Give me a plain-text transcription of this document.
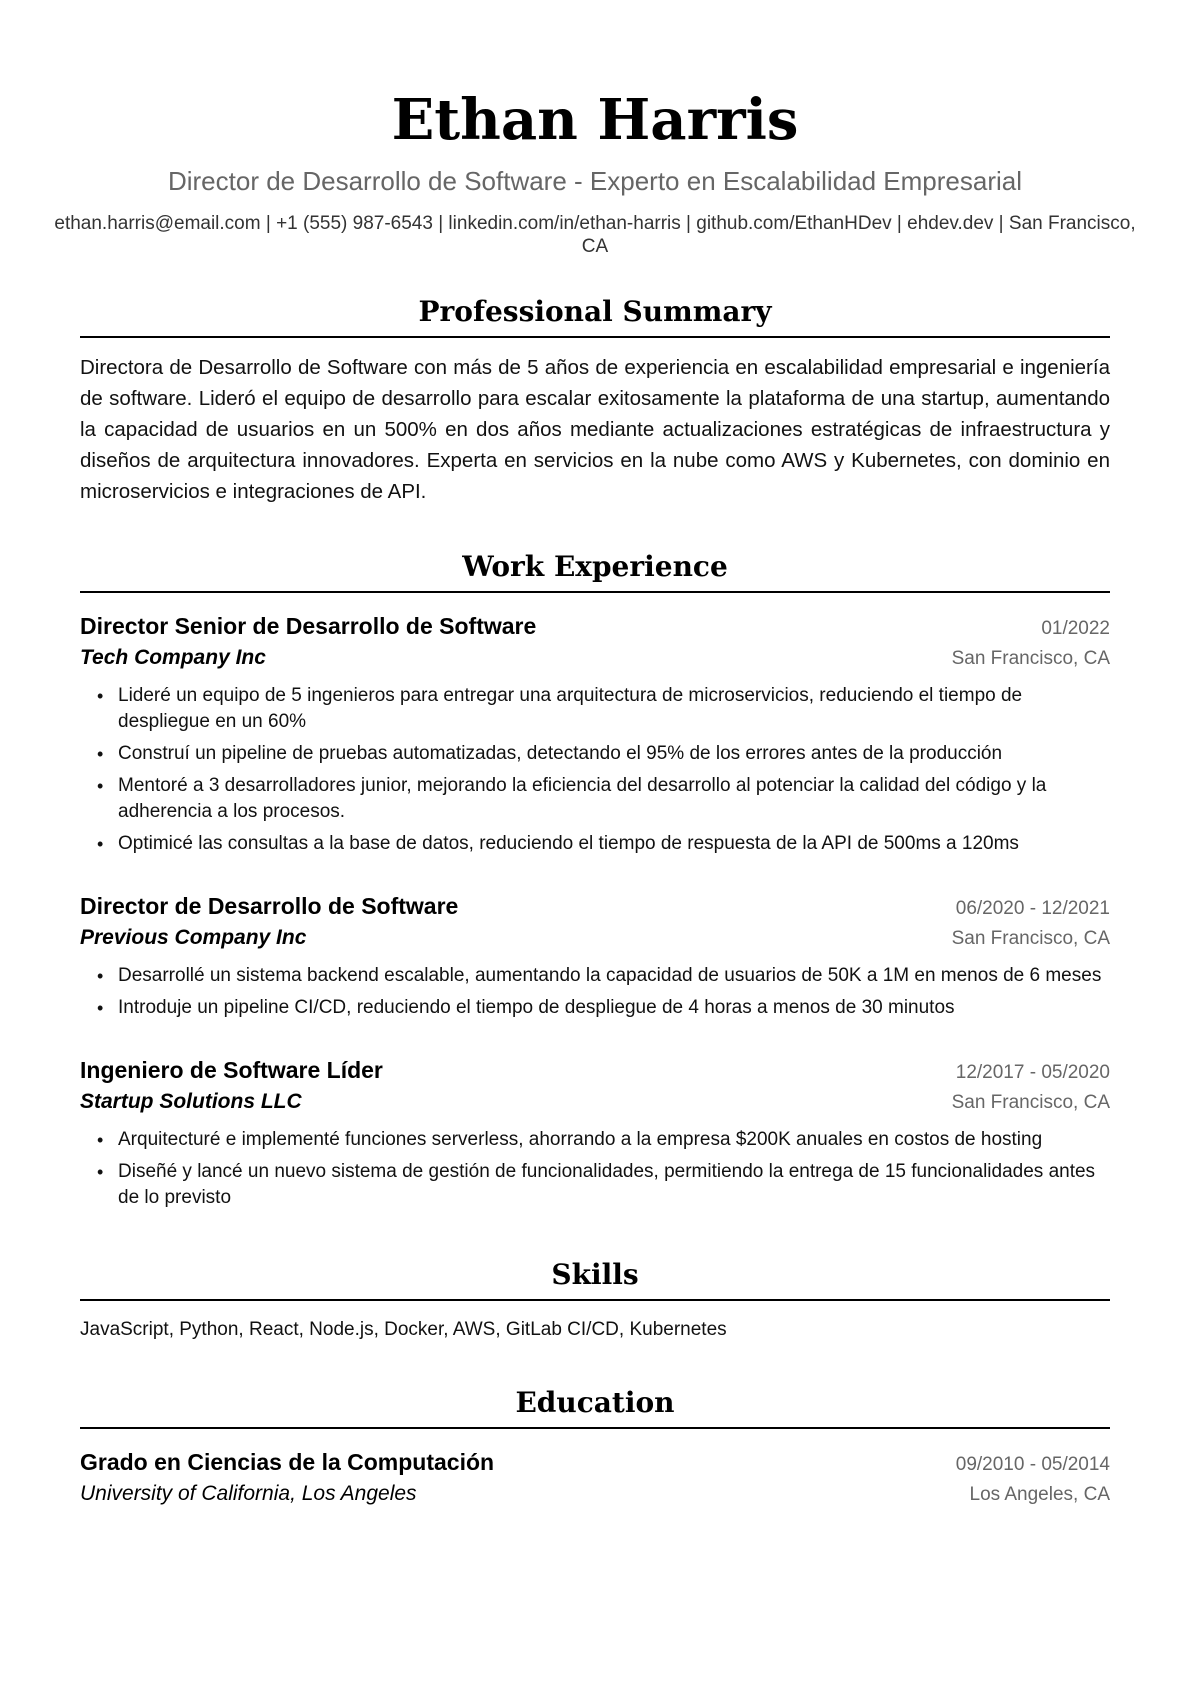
Ethan Harris
Director de Desarrollo de Software - Experto en Escalabilidad Empresarial
ethan.harris@email.com | +1 (555) 987-6543 | linkedin.com/in/ethan-harris | github.com/EthanHDev | ehdev.dev | San Francisco, CA
Professional Summary

Directora de Desarrollo de Software con más de 5 años de experiencia en escalabilidad empresarial e ingeniería de software. Lideró el equipo de desarrollo para escalar exitosamente la plataforma de una startup, aumentando la capacidad de usuarios en un 500% en dos años mediante actualizaciones estratégicas de infraestructura y diseños de arquitectura innovadores. Experta en servicios en la nube como AWS y Kubernetes, con dominio en microservicios e integraciones de API.

Work Experience
Director Senior de Desarrollo de Software	01/2022
Tech Company Inc	San Francisco, CA
• Lideré un equipo de 5 ingenieros para entregar una arquitectura de microservicios, reduciendo el tiempo de despliegue en un 60%
• Construí un pipeline de pruebas automatizadas, detectando el 95% de los errores antes de la producción
• Mentoré a 3 desarrolladores junior, mejorando la eficiencia del desarrollo al potenciar la calidad del código y la adherencia a los procesos.
• Optimicé las consultas a la base de datos, reduciendo el tiempo de respuesta de la API de 500ms a 120ms
Director de Desarrollo de Software	06/2020 - 12/2021
Previous Company Inc	San Francisco, CA
• Desarrollé un sistema backend escalable, aumentando la capacidad de usuarios de 50K a 1M en menos de 6 meses
• Introduje un pipeline CI/CD, reduciendo el tiempo de despliegue de 4 horas a menos de 30 minutos
Ingeniero de Software Líder	12/2017 - 05/2020
Startup Solutions LLC	San Francisco, CA
• Arquitecturé e implementé funciones serverless, ahorrando a la empresa $200K anuales en costos de hosting
• Diseñé y lancé un nuevo sistema de gestión de funcionalidades, permitiendo la entrega de 15 funcionalidades antes de lo previsto
Skills
JavaScript, Python, React, Node.js, Docker, AWS, GitLab CI/CD, Kubernetes
Education
Grado en Ciencias de la Computación	09/2010 - 05/2014
University of California, Los Angeles	Los Angeles, CA
